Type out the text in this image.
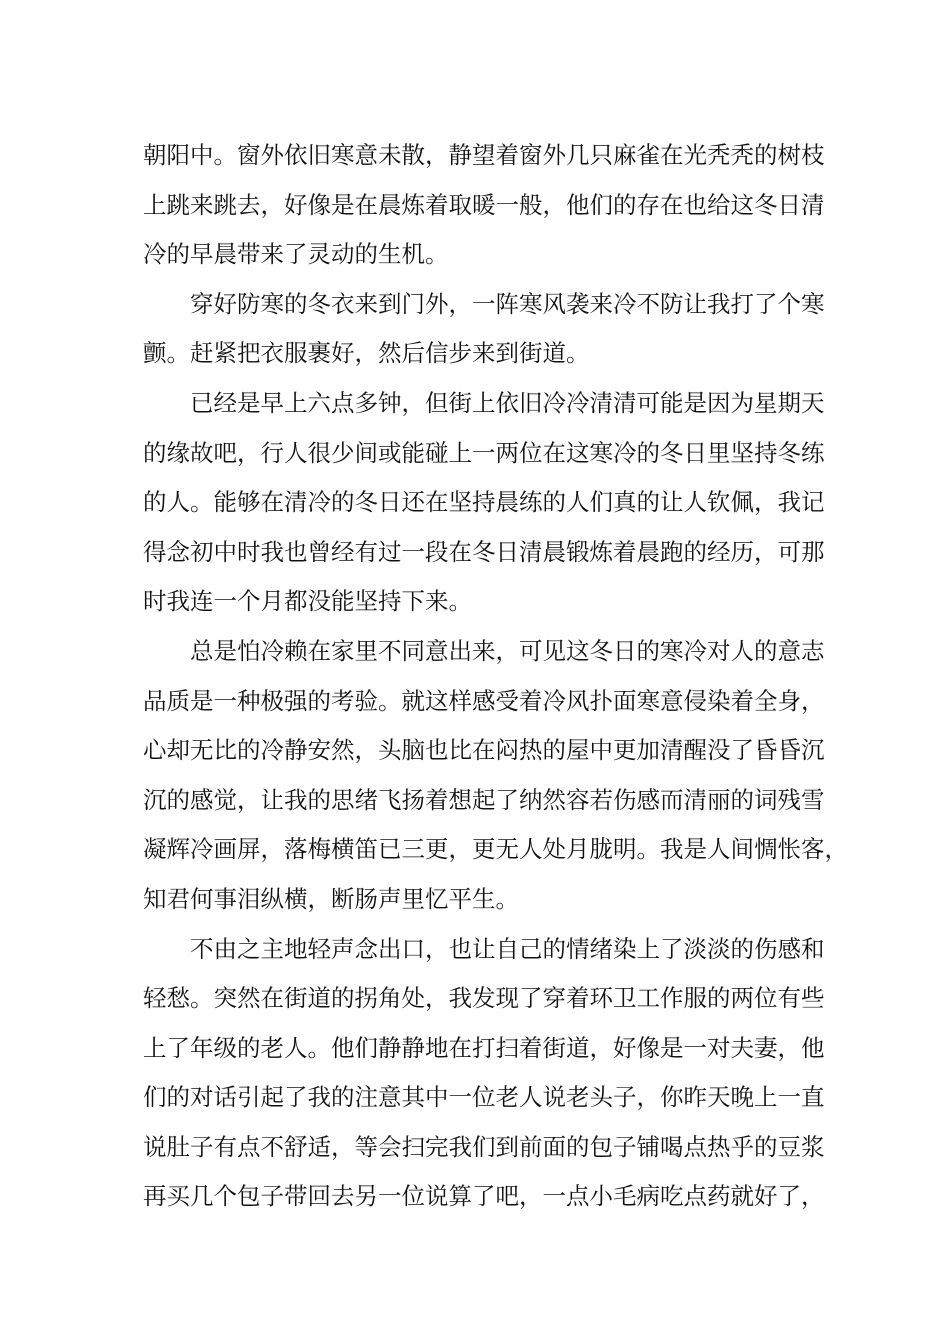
朝阳中。窗外依旧寒意未散，静望着窗外几只麻雀在光秃秃的树枝
上跳来跳去，好像是在晨炼着取暖一般，他们的存在也给这冬日清
冷的早晨带来了灵动的生机。
穿好防寒的冬衣来到门外，一阵寒风袭来冷不防让我打了个寒
颤。赶紧把衣服裹好，然后信步来到街道。
已经是早上六点多钟，但街上依旧冷冷清清可能是因为星期天
的缘故吧，行人很少间或能碰上一两位在这寒冷的冬日里坚持冬练
的人。能够在清冷的冬日还在坚持晨练的人们真的让人钦佩，我记
得念初中时我也曾经有过一段在冬日清晨锻炼着晨跑的经历，可那
时我连一个月都没能坚持下来。
总是怕冷赖在家里不同意出来，可见这冬日的寒冷对人的意志
品质是一种极强的考验。就这样感受着冷风扑面寒意侵染着全身，
心却无比的冷静安然，头脑也比在闷热的屋中更加清醒没了昏昏沉
沉的感觉，让我的思绪飞扬着想起了纳然容若伤感而清丽的词残雪
凝辉冷画屏，落梅横笛已三更，更无人处月胧明。我是人间惆怅客，
知君何事泪纵横，断肠声里忆平生。
不由之主地轻声念出口，也让自己的情绪染上了淡淡的伤感和
轻愁。突然在街道的拐角处，我发现了穿着环卫工作服的两位有些
上了年级的老人。他们静静地在打扫着街道，好像是一对夫妻，他
们的对话引起了我的注意其中一位老人说老头子，你昨天晚上一直
说肚子有点不舒适，等会扫完我们到前面的包子铺喝点热乎的豆浆
再买几个包子带回去另一位说算了吧，一点小毛病吃点药就好了，
